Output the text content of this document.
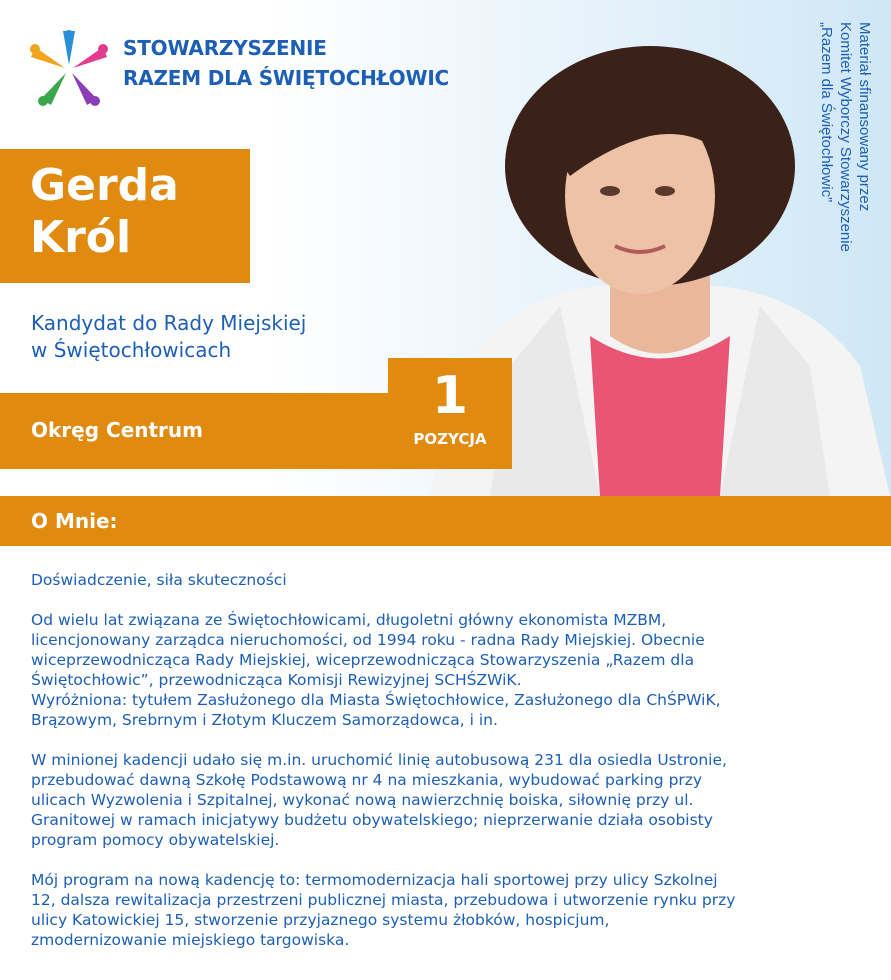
STOWARZYSZENIE
RAZEM DLA ŚWIĘTOCHŁOWIC
Gerda
Król
Kandydat do Rady Miejskiej
w Świętochłowicach
Materiał sfinansowany przez
Komitet Wyborczy Stowarzyszenie
„Razem dla Świętochłowic”
Okręg Centrum
1
POZYCJA
O Mnie:

Doświadczenie, siła skuteczności

Od wielu lat związana ze Świętochłowicami, długoletni główny ekonomista MZBM,
licencjonowany zarządca nieruchomości, od 1994 roku - radna Rady Miejskiej. Obecnie
wiceprzewodnicząca Rady Miejskiej, wiceprzewodnicząca Stowarzyszenia „Razem dla
Świętochłowic”, przewodnicząca Komisji Rewizyjnej SCHŚZWiK.
Wyróżniona: tytułem Zasłużonego dla Miasta Świętochłowice, Zasłużonego dla ChŚPWiK,
Brązowym, Srebrnym i Złotym Kluczem Samorządowca, i in.

W minionej kadencji udało się m.in. uruchomić linię autobusową 231 dla osiedla Ustronie,
przebudować dawną Szkołę Podstawową nr 4 na mieszkania, wybudować parking przy
ulicach Wyzwolenia i Szpitalnej, wykonać nową nawierzchnię boiska, siłownię przy ul.
Granitowej w ramach inicjatywy budżetu obywatelskiego; nieprzerwanie działa osobisty
program pomocy obywatelskiej.

Mój program na nową kadencję to: termomodernizacja hali sportowej przy ulicy Szkolnej
12, dalsza rewitalizacja przestrzeni publicznej miasta, przebudowa i utworzenie rynku przy
ulicy Katowickiej 15, stworzenie przyjaznego systemu żłobków, hospicjum,
zmodernizowanie miejskiego targowiska.
